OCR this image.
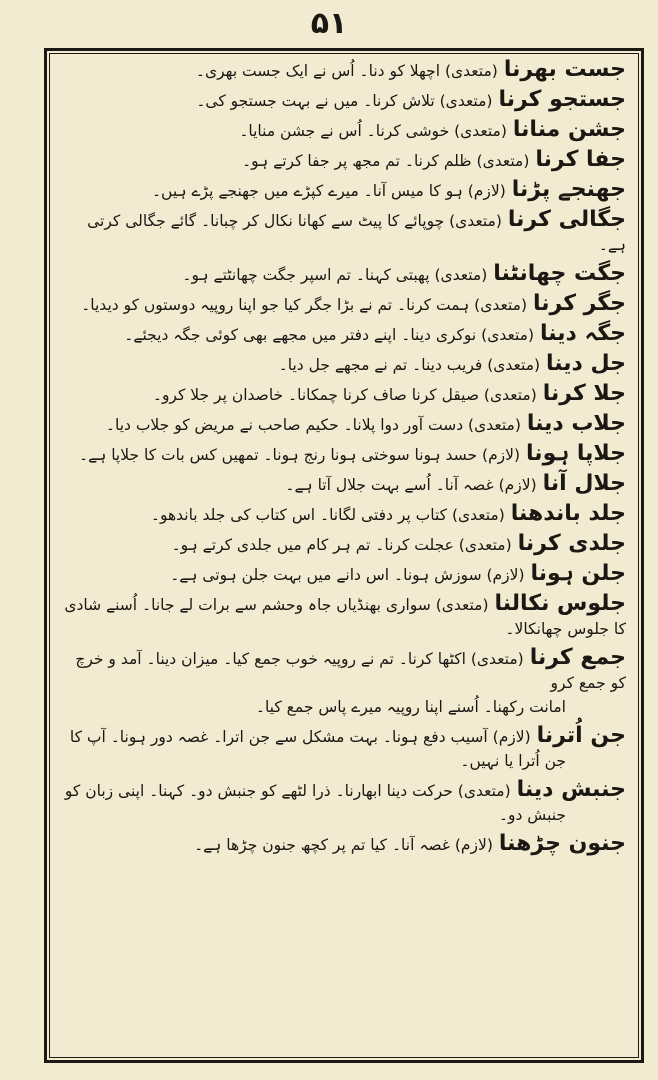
۵۱
جست بھرنا(متعدی) اچھلا کو دنا۔ اُس نے ایک جست بھری۔
جستجو کرنا(متعدی) تلاش کرنا۔ میں نے بہت جستجو کی۔
جشن منانا(متعدی) خوشی کرنا۔ اُس نے جشن منایا۔
جفا کرنا(متعدی) ظلم کرنا۔ تم مجھ پر جفا کرتے ہو۔
جھنجے پڑنا(لازم) ہو کا میس آنا۔ میرے کپڑے میں جھنجے پڑے ہیں۔
جگالی کرنا(متعدی) چوپائے کا پیٹ سے کھانا نکال کر چبانا۔ گائے جگالی کرتی ہے۔
جگت چھانٹنا(متعدی) پھبتی کہنا۔ تم اسپر جگت چھانٹتے ہو۔
جگر کرنا(متعدی) ہمت کرنا۔ تم نے بڑا جگر کیا جو اپنا روپیہ دوستوں کو دیدیا۔
جگہ دینا(متعدی) نوکری دینا۔ اپنے دفتر میں مجھے بھی کوئی جگہ دیجئے۔
جل دینا(متعدی) فریب دینا۔ تم نے مجھے جل دیا۔
جلا کرنا(متعدی) صیقل کرنا صاف کرنا چمکانا۔ خاصدان پر جلا کرو۔
جلاب دینا(متعدی) دست آور دوا پلانا۔ حکیم صاحب نے مریض کو جلاب دیا۔
جلاپا ہونا(لازم) حسد ہونا سوختی ہونا رنج ہونا۔ تمھیں کس بات کا جلاپا ہے۔
جلال آنا(لازم) غصہ آنا۔ اُسے بہت جلال آتا ہے۔
جلد باندھنا(متعدی) کتاب پر دفتی لگانا۔ اس کتاب کی جلد باندھو۔
جلدی کرنا(متعدی) عجلت کرنا۔ تم ہر کام میں جلدی کرتے ہو۔
جلن ہونا(لازم) سوزش ہونا۔ اس دانے میں بہت جلن ہوتی ہے۔
جلوس نکالنا(متعدی) سواری بھنڈیاں جاہ وحشم سے برات لے جانا۔ اُسنے شادی کا جلوس چھانکالا۔
جمع کرنا(متعدی) اکٹھا کرنا۔ تم نے روپیہ خوب جمع کیا۔ میزان دینا۔ آمد و خرچ کو جمع کرو
امانت رکھنا۔ اُسنے اپنا روپیہ میرے پاس جمع کیا۔
جن اُترنا(لازم) آسیب دفع ہونا۔ بہت مشکل سے جن اترا۔ غصہ دور ہونا۔ آپ کا
جن اُترا یا نہیں۔
جنبش دینا(متعدی) حرکت دینا ابھارنا۔ ذرا لٹھے کو جنبش دو۔ کہنا۔ اپنی زبان کو
جنبش دو۔
جنون چڑھنا(لازم) غصہ آنا۔ کیا تم پر کچھ جنون چڑھا ہے۔
